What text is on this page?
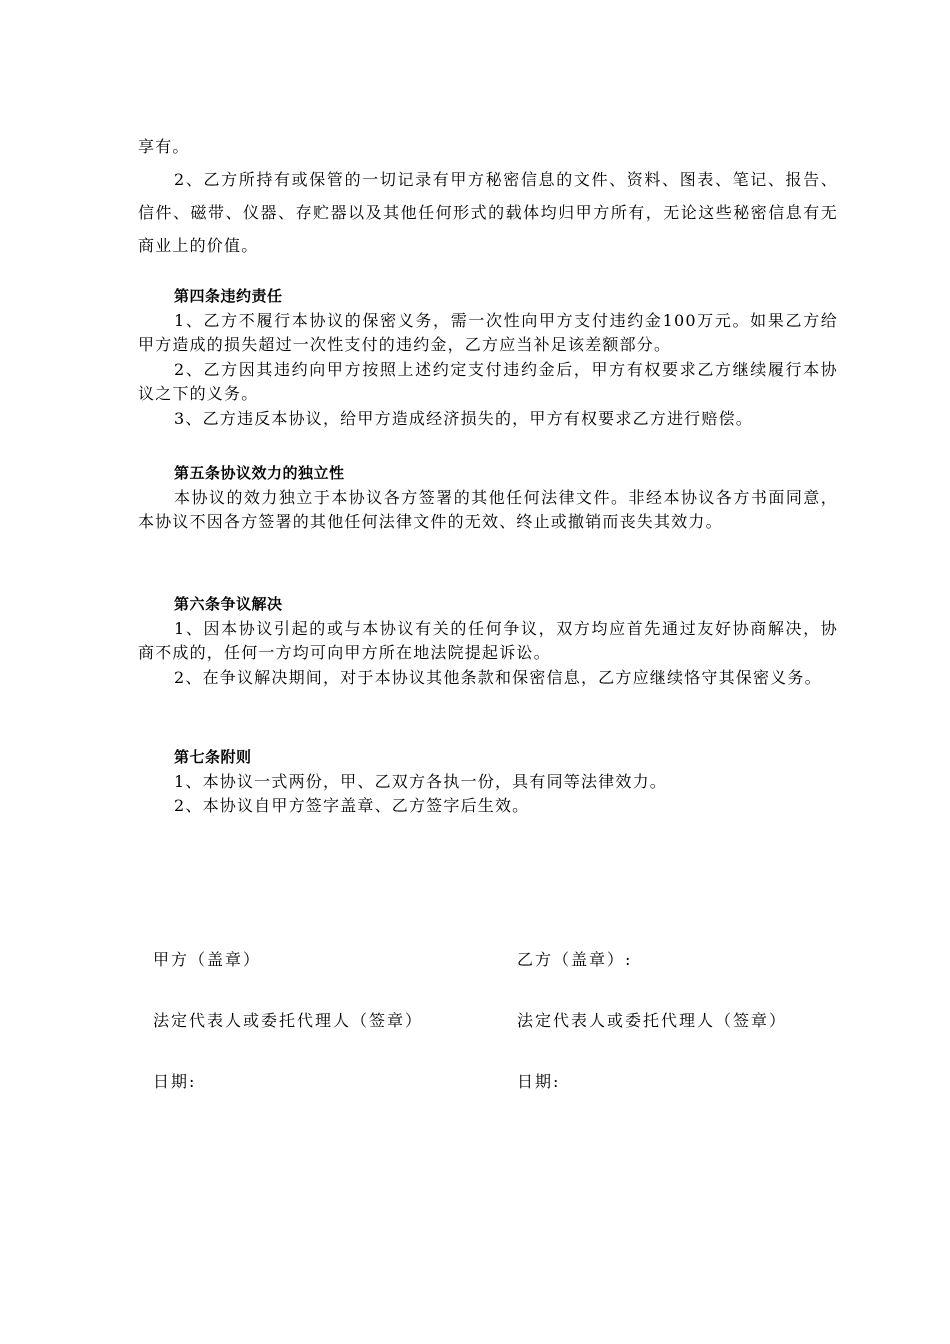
享有。

2、乙方所持有或保管的一切记录有甲方秘密信息的文件、资料、图表、笔记、报告、信件、磁带、仪器、存贮器以及其他任何形式的载体均归甲方所有，无论这些秘密信息有无商业上的价值。

第四条违约责任

1、乙方不履行本协议的保密义务，需一次性向甲方支付违约金100万元。如果乙方给甲方造成的损失超过一次性支付的违约金，乙方应当补足该差额部分。

2、乙方因其违约向甲方按照上述约定支付违约金后，甲方有权要求乙方继续履行本协议之下的义务。

3、乙方违反本协议，给甲方造成经济损失的，甲方有权要求乙方进行赔偿。

第五条协议效力的独立性

本协议的效力独立于本协议各方签署的其他任何法律文件。非经本协议各方书面同意，本协议不因各方签署的其他任何法律文件的无效、终止或撤销而丧失其效力。

第六条争议解决

1、因本协议引起的或与本协议有关的任何争议，双方均应首先通过友好协商解决，协商不成的，任何一方均可向甲方所在地法院提起诉讼。

2、在争议解决期间，对于本协议其他条款和保密信息，乙方应继续恪守其保密义务。

第七条附则

1、本协议一式两份，甲、乙双方各执一份，具有同等法律效力。

2、本协议自甲方签字盖章、乙方签字后生效。

甲方（盖章）

法定代表人或委托代理人（签章）

日期:

乙方（盖章）:

法定代表人或委托代理人（签章）

日期:
